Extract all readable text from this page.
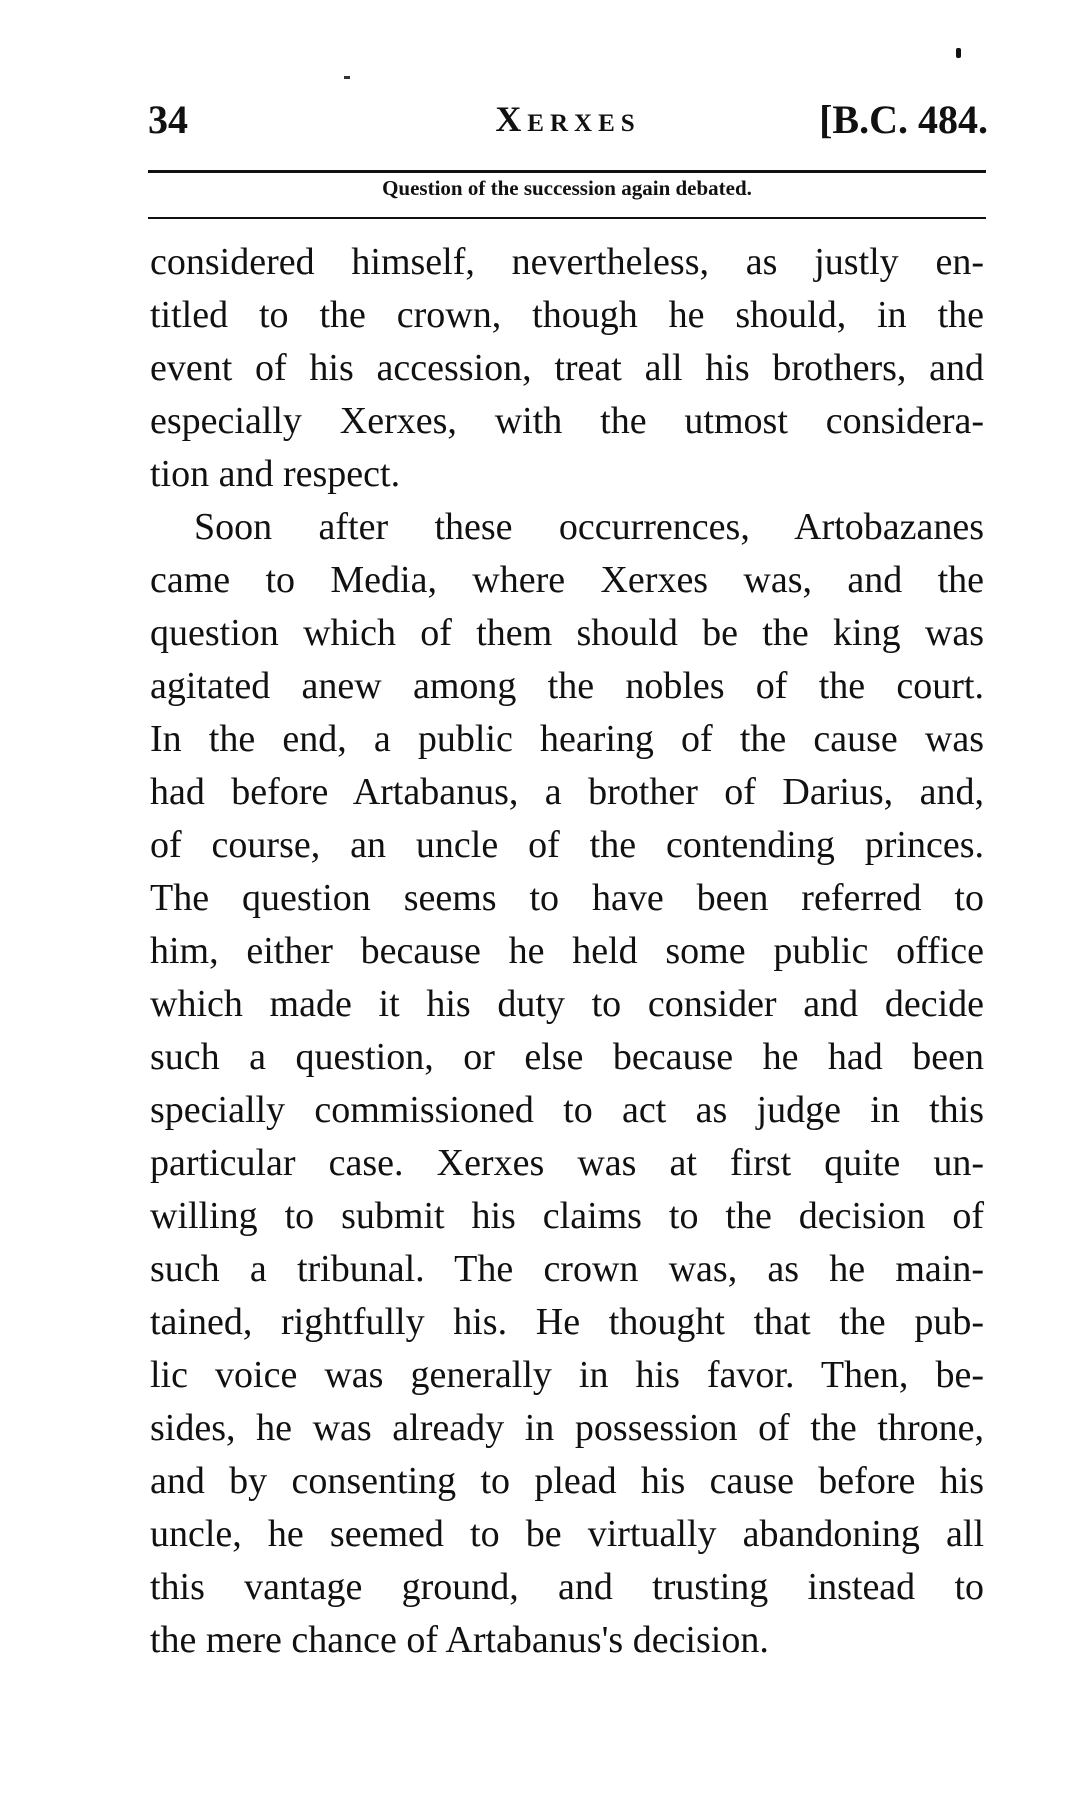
34	Xerxes	[B.C. 484.
Question of the succession again debated.
considered himself, nevertheless, as justly en-
titled to the crown, though he should, in the
event of his accession, treat all his brothers, and
especially Xerxes, with the utmost considera-
tion and respect.
Soon after these occurrences, Artobazanes
came to Media, where Xerxes was, and the
question which of them should be the king was
agitated anew among the nobles of the court.
In the end, a public hearing of the cause was
had before Artabanus, a brother of Darius, and,
of course, an uncle of the contending princes.
The question seems to have been referred to
him, either because he held some public office
which made it his duty to consider and decide
such a question, or else because he had been
specially commissioned to act as judge in this
particular case. Xerxes was at first quite un-
willing to submit his claims to the decision of
such a tribunal. The crown was, as he main-
tained, rightfully his. He thought that the pub-
lic voice was generally in his favor. Then, be-
sides, he was already in possession of the throne,
and by consenting to plead his cause before his
uncle, he seemed to be virtually abandoning all
this vantage ground, and trusting instead to
the mere chance of Artabanus's decision.
